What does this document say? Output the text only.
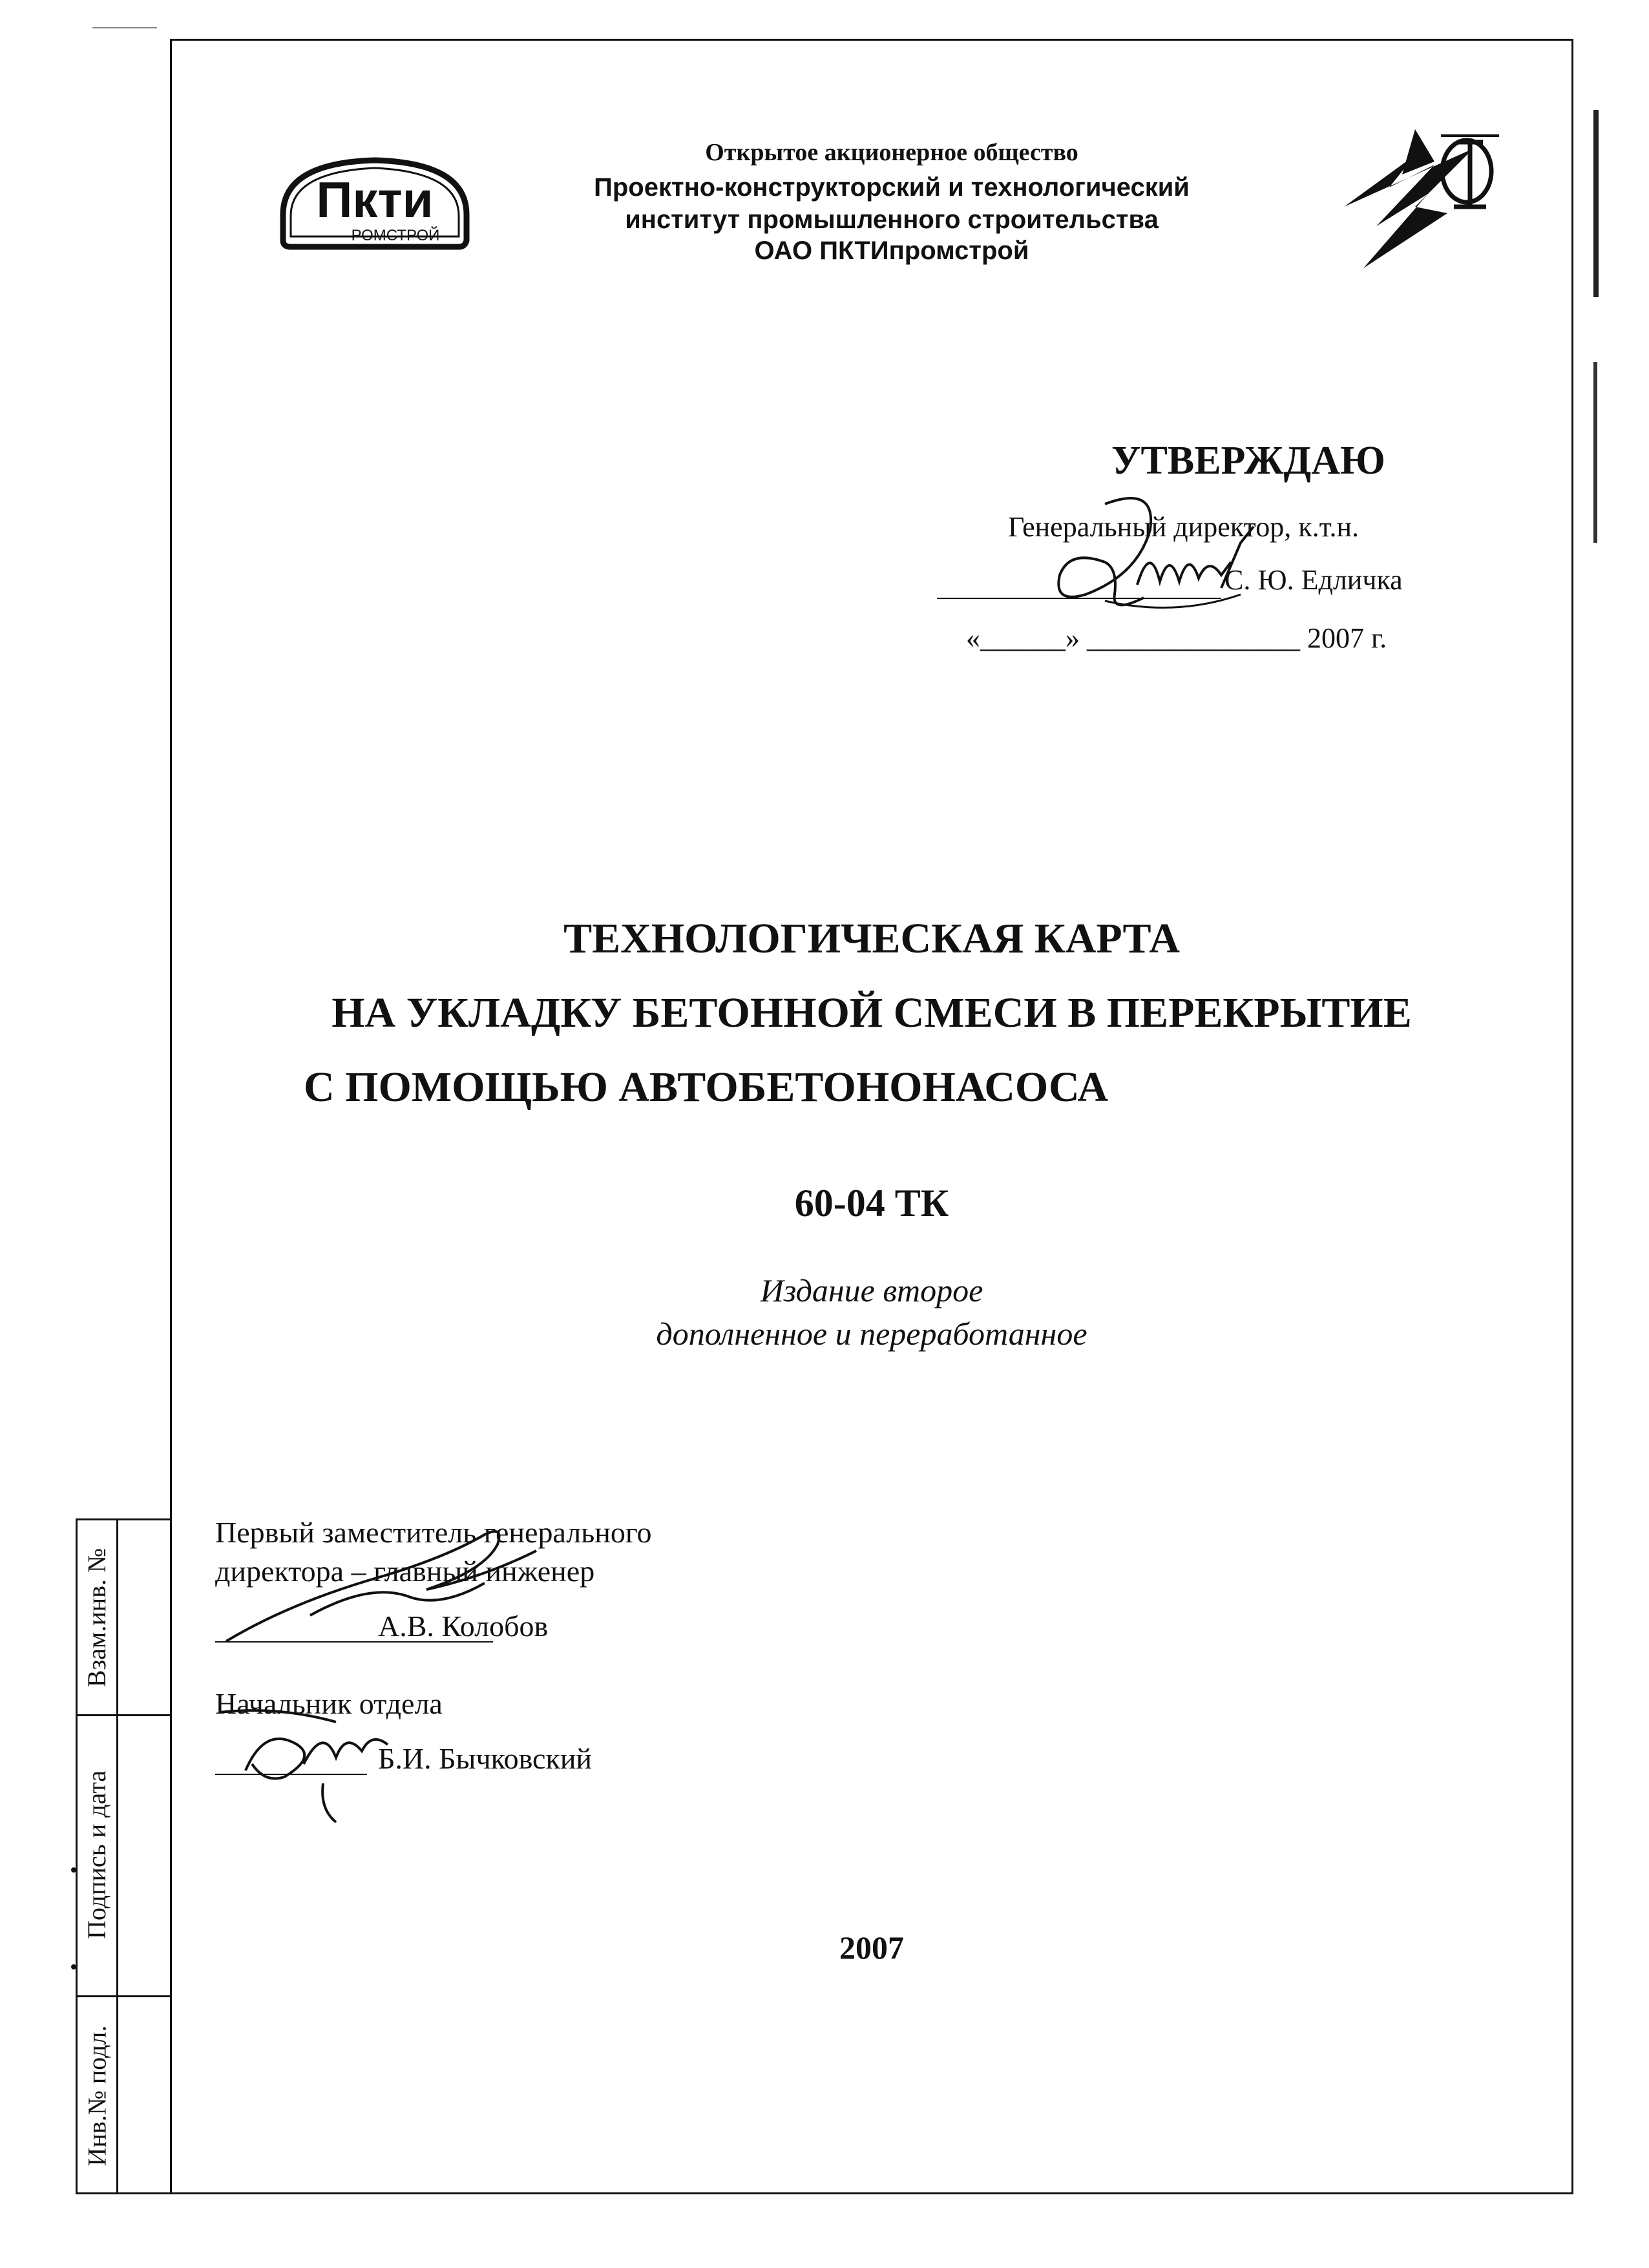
Взам.инв. №
Подпись и дата
Инв.№ подл.
Пкти
РОМСТРОЙ
Открытое акционерное общество
Проектно-конструкторский и технологический
институт промышленного строительства
ОАО ПКТИпромстрой
УТВЕРЖДАЮ
Генеральный директор, к.т.н.
С. Ю. Едличка
«______» _______________ 2007 г.
ТЕХНОЛОГИЧЕСКАЯ КАРТА
НА УКЛАДКУ БЕТОННОЙ СМЕСИ В ПЕРЕКРЫТИЕ
С ПОМОЩЬЮ АВТОБЕТОНОНАСОСА
60-04 ТК
Издание второе
дополненное и переработанное
Первый заместитель генерального
директора – главный инженер
А.В. Колобов
Начальник отдела
Б.И. Бычковский
2007
